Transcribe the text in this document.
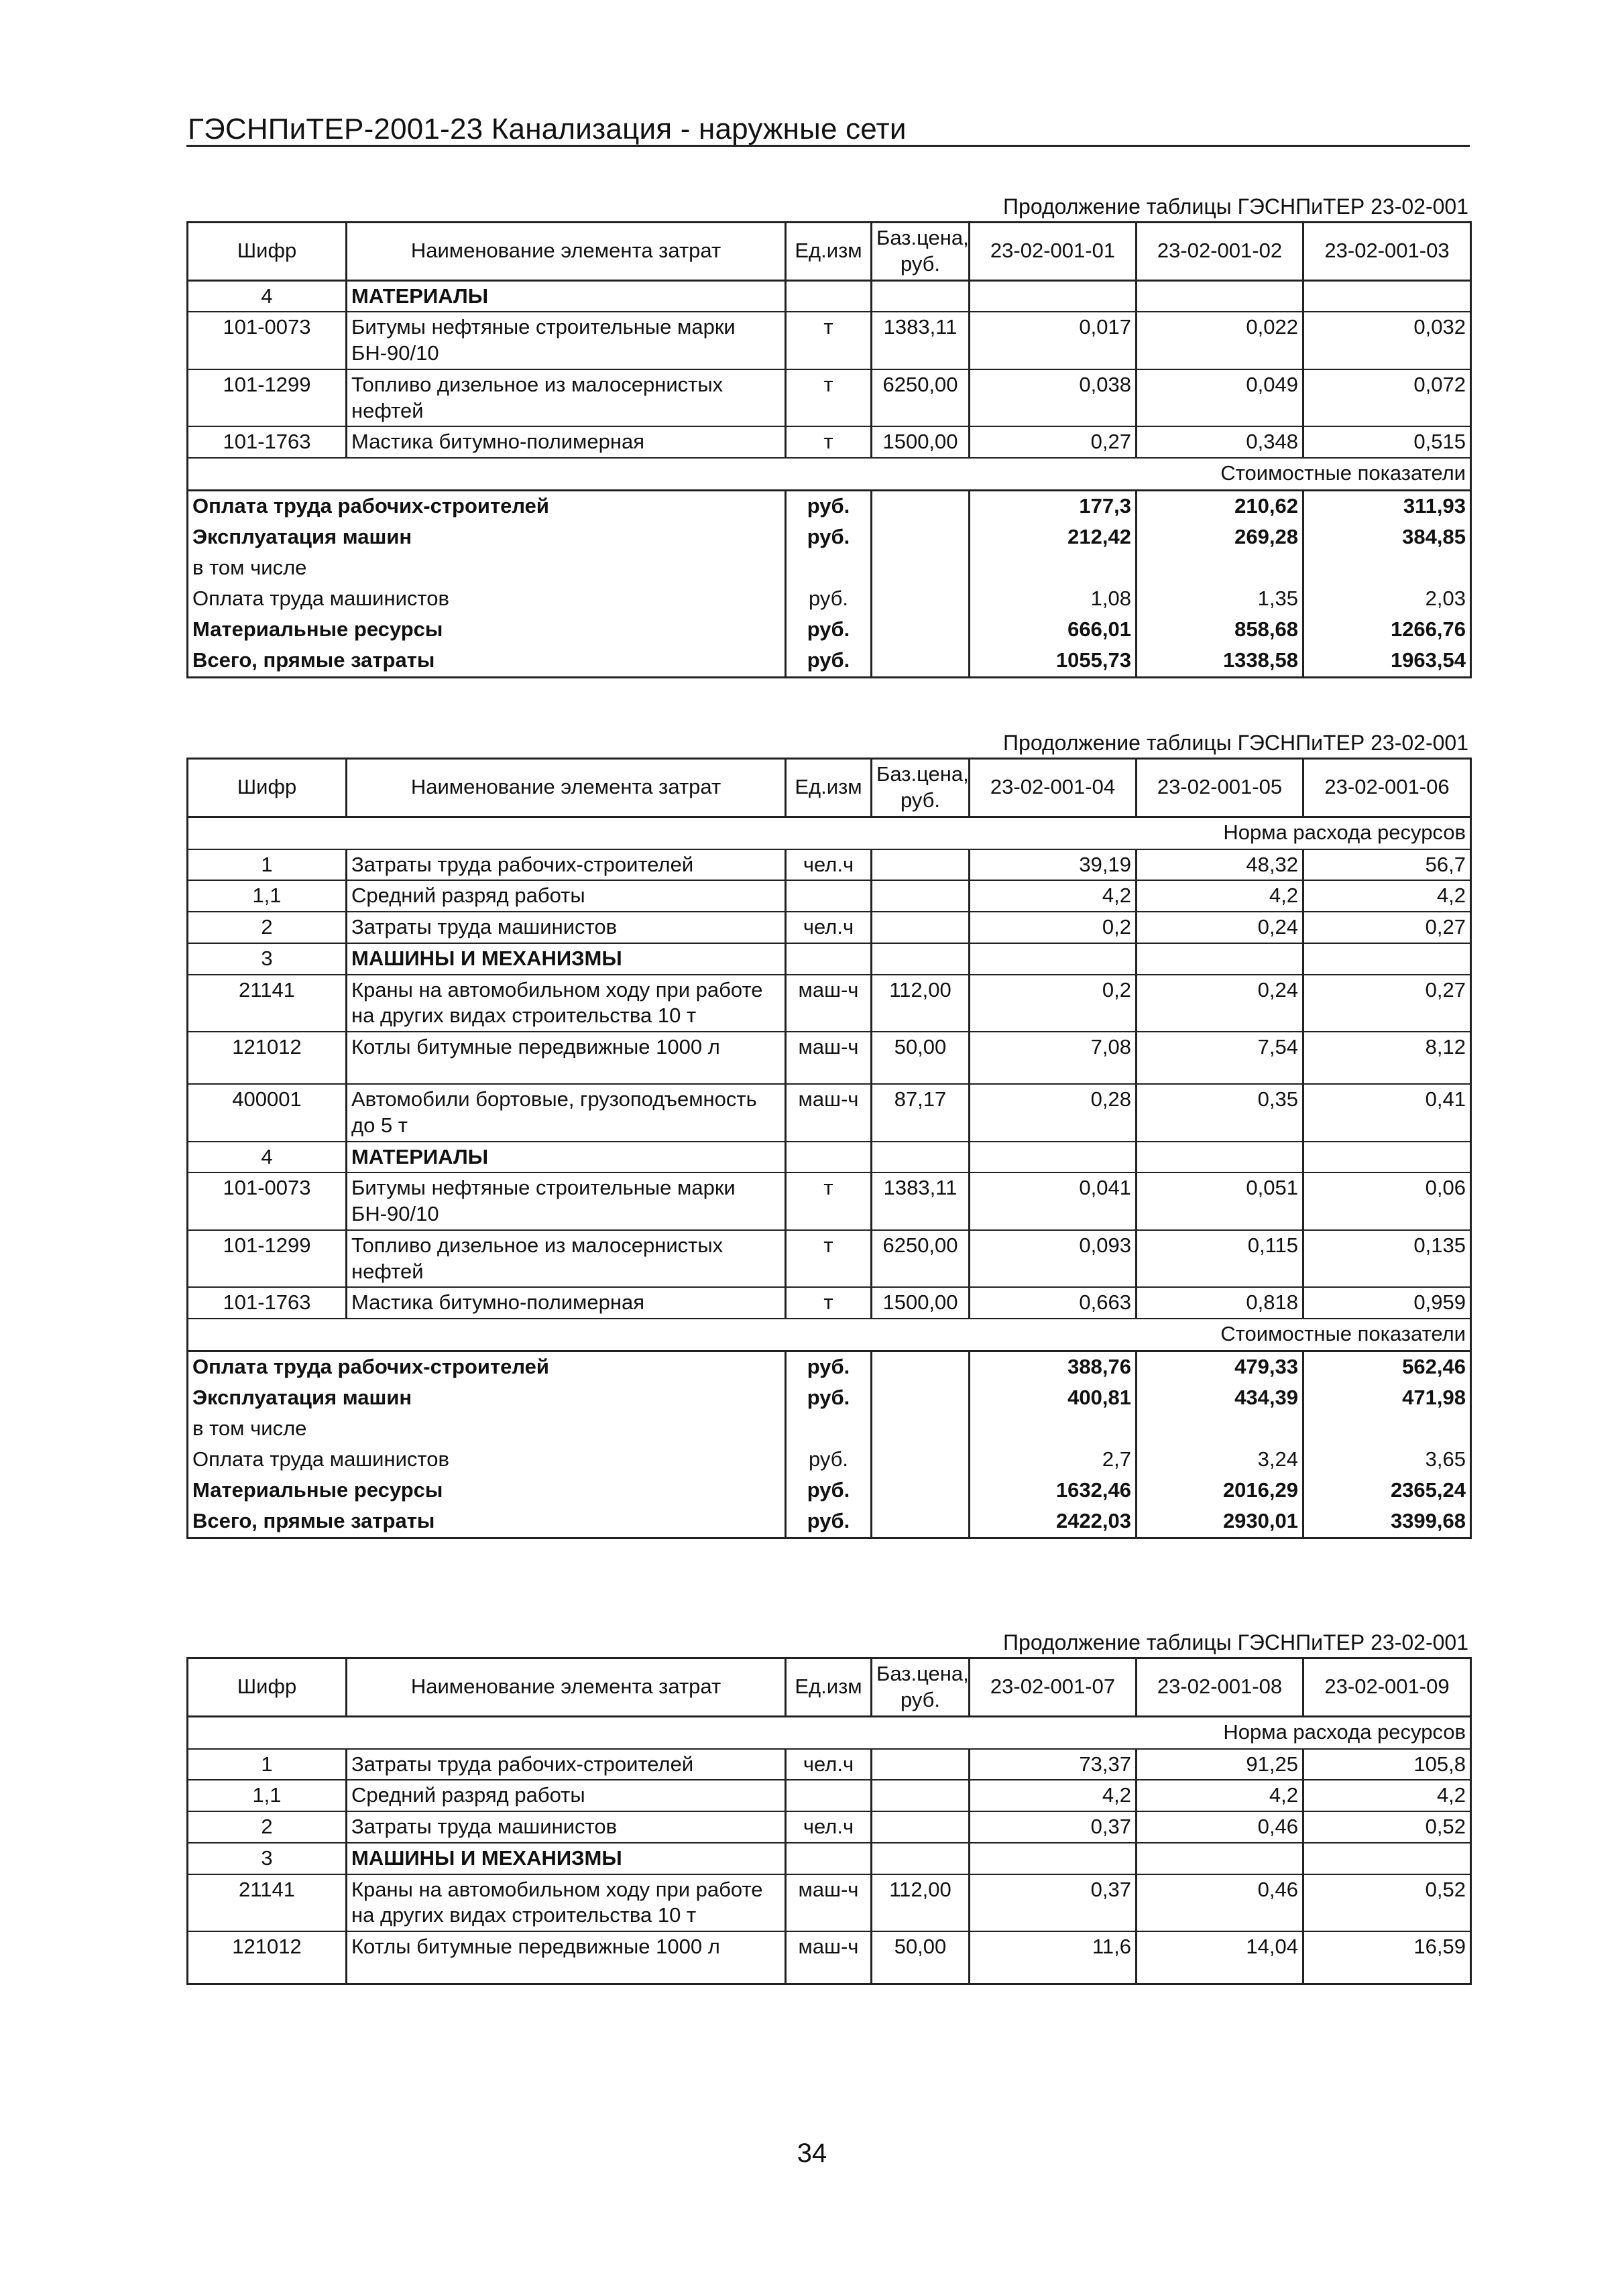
ГЭСНПиТЕР-2001-23 Канализация - наружные сети
Продолжение таблицы ГЭСНПиТЕР 23-02-001
Шифр	Наименование элемента затрат	Ед.изм	Баз.цена, руб.	23-02-001-01	23-02-001-02	23-02-001-03
4	МАТЕРИАЛЫ					
101-0073	Битумы нефтяные строительные марки БН-90/10	т	1383,11	0,017	0,022	0,032
101-1299	Топливо дизельное из малосернистых нефтей	т	6250,00	0,038	0,049	0,072
101-1763	Мастика битумно-полимерная	т	1500,00	0,27	0,348	0,515
Стоимостные показатели						
Оплата труда рабочих-строителей		руб.		177,3	210,62	311,93
Эксплуатация машин		руб.		212,42	269,28	384,85
в том числе						
Оплата труда машинистов		руб.		1,08	1,35	2,03
Материальные ресурсы		руб.		666,01	858,68	1266,76
Всего, прямые затраты		руб.		1055,73	1338,58	1963,54
Продолжение таблицы ГЭСНПиТЕР 23-02-001
Шифр	Наименование элемента затрат	Ед.изм	Баз.цена, руб.	23-02-001-04	23-02-001-05	23-02-001-06
Норма расхода ресурсов						
1	Затраты труда рабочих-строителей	чел.ч		39,19	48,32	56,7
1,1	Средний разряд работы			4,2	4,2	4,2
2	Затраты труда машинистов	чел.ч		0,2	0,24	0,27
3	МАШИНЫ И МЕХАНИЗМЫ					
21141	Краны на автомобильном ходу при работе на других видах строительства 10 т	маш-ч	112,00	0,2	0,24	0,27
121012	Котлы битумные передвижные 1000 л	маш-ч	50,00	7,08	7,54	8,12
400001	Автомобили бортовые, грузоподъемность до 5 т	маш-ч	87,17	0,28	0,35	0,41
4	МАТЕРИАЛЫ					
101-0073	Битумы нефтяные строительные марки БН-90/10	т	1383,11	0,041	0,051	0,06
101-1299	Топливо дизельное из малосернистых нефтей	т	6250,00	0,093	0,115	0,135
101-1763	Мастика битумно-полимерная	т	1500,00	0,663	0,818	0,959
Стоимостные показатели						
Оплата труда рабочих-строителей		руб.		388,76	479,33	562,46
Эксплуатация машин		руб.		400,81	434,39	471,98
в том числе						
Оплата труда машинистов		руб.		2,7	3,24	3,65
Материальные ресурсы		руб.		1632,46	2016,29	2365,24
Всего, прямые затраты		руб.		2422,03	2930,01	3399,68
Продолжение таблицы ГЭСНПиТЕР 23-02-001
Шифр	Наименование элемента затрат	Ед.изм	Баз.цена, руб.	23-02-001-07	23-02-001-08	23-02-001-09
Норма расхода ресурсов						
1	Затраты труда рабочих-строителей	чел.ч		73,37	91,25	105,8
1,1	Средний разряд работы			4,2	4,2	4,2
2	Затраты труда машинистов	чел.ч		0,37	0,46	0,52
3	МАШИНЫ И МЕХАНИЗМЫ					
21141	Краны на автомобильном ходу при работе на других видах строительства 10 т	маш-ч	112,00	0,37	0,46	0,52
121012	Котлы битумные передвижные 1000 л	маш-ч	50,00	11,6	14,04	16,59
34
